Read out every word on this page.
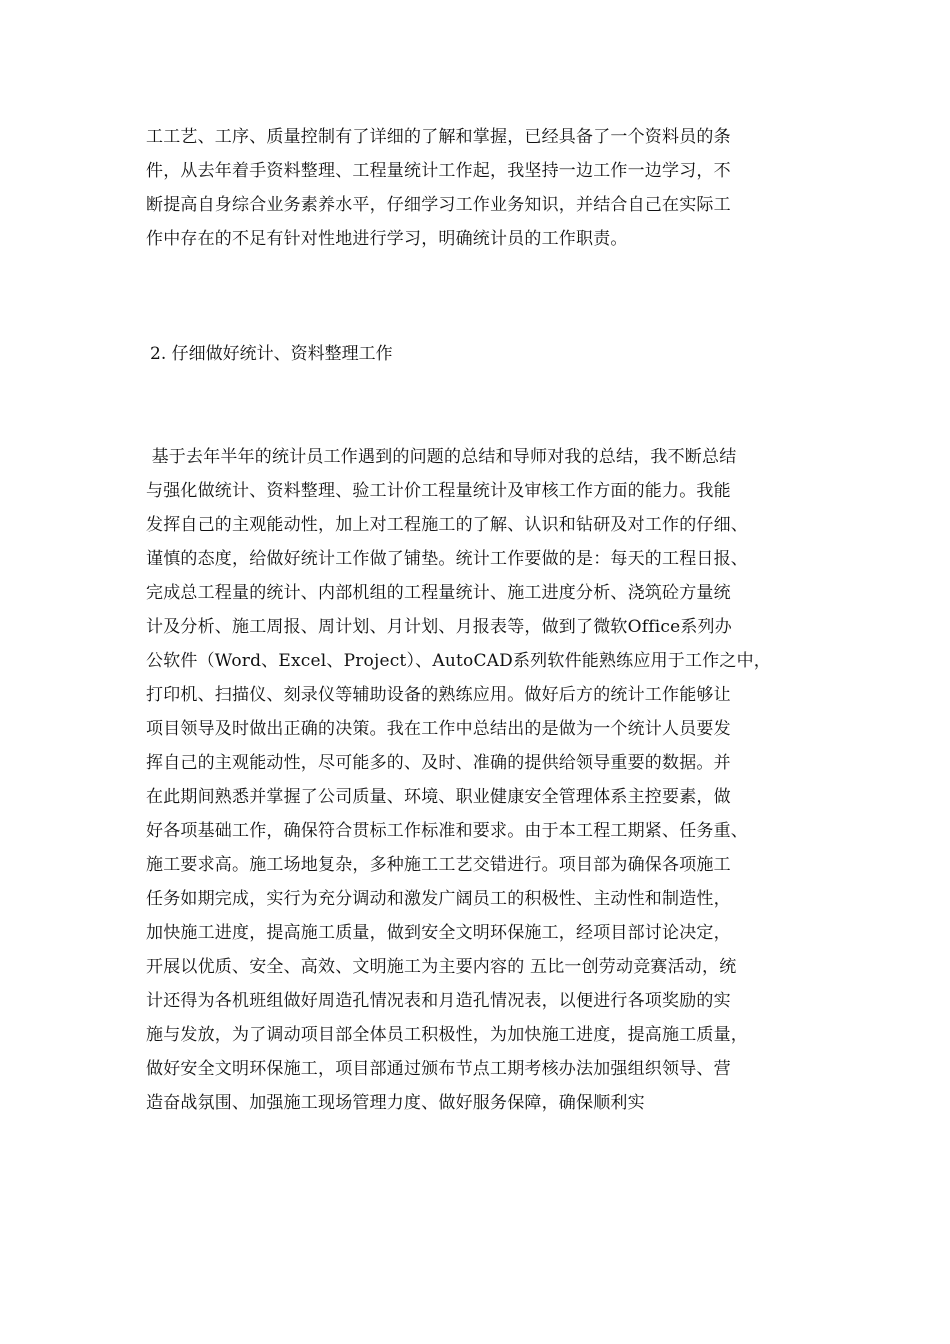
工工艺、工序、质量控制有了详细的了解和掌握，已经具备了一个资料员的条
件，从去年着手资料整理、工程量统计工作起，我坚持一边工作一边学习，不
断提高自身综合业务素养水平，仔细学习工作业务知识，并结合自己在实际工
作中存在的不足有针对性地进行学习，明确统计员的工作职责。
2. 仔细做好统计、资料整理工作
基于去年半年的统计员工作遇到的问题的总结和导师对我的总结，我不断总结
与强化做统计、资料整理、验工计价工程量统计及审核工作方面的能力。我能
发挥自己的主观能动性，加上对工程施工的了解、认识和钻研及对工作的仔细、
谨慎的态度，给做好统计工作做了铺垫。统计工作要做的是：每天的工程日报、
完成总工程量的统计、内部机组的工程量统计、施工进度分析、浇筑砼方量统
计及分析、施工周报、周计划、月计划、月报表等，做到了微软Office系列办
公软件（Word、Excel、Project）、AutoCAD系列软件能熟练应用于工作之中，
打印机、扫描仪、刻录仪等辅助设备的熟练应用。做好后方的统计工作能够让
项目领导及时做出正确的决策。我在工作中总结出的是做为一个统计人员要发
挥自己的主观能动性，尽可能多的、及时、准确的提供给领导重要的数据。并
在此期间熟悉并掌握了公司质量、环境、职业健康安全管理体系主控要素，做
好各项基础工作，确保符合贯标工作标准和要求。由于本工程工期紧、任务重、
施工要求高。施工场地复杂，多种施工工艺交错进行。项目部为确保各项施工
任务如期完成，实行为充分调动和激发广阔员工的积极性、主动性和制造性，
加快施工进度，提高施工质量，做到安全文明环保施工，经项目部讨论决定，
开展以优质、安全、高效、文明施工为主要内容的 五比一创劳动竞赛活动，统
计还得为各机班组做好周造孔情况表和月造孔情况表，以便进行各项奖励的实
施与发放，为了调动项目部全体员工积极性，为加快施工进度，提高施工质量，
做好安全文明环保施工，项目部通过颁布节点工期考核办法加强组织领导、营
造奋战氛围、加强施工现场管理力度、做好服务保障，确保顺利实
